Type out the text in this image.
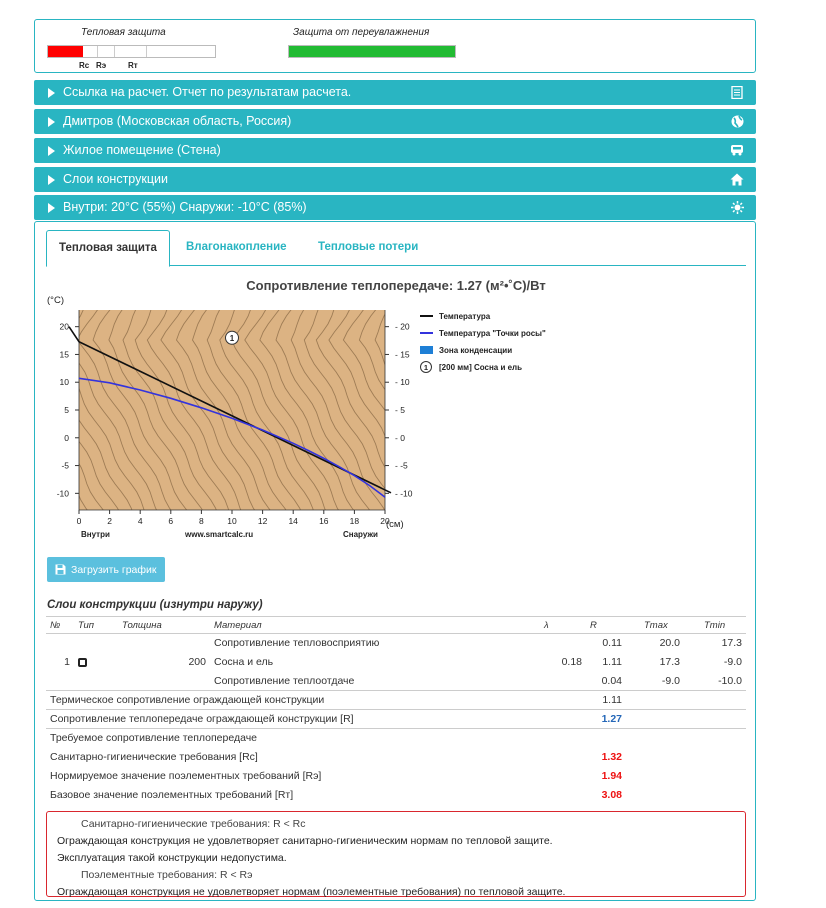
Тепловая защита
Rc Rэ	Rт
Защита от переувлажнения
Ссылка на расчет. Отчет по результатам расчета.
Дмитров (Московская область, Россия)
Жилое помещение (Стена)
Слои конструкции
Внутри: 20°C (55%) Снаружи: -10°C (85%)
Тепловая защита	Влагонакопление	Тепловые потери
Сопротивление теплопередаче: 1.27 (м²•˚С)/Вт
20	- 20
15	- 15
10	- 10
5	- 5
0	- 0
-5	- -5
-10	- -10
0	2	4	6	8	10 12 14 16 18 20
1
Температура
Температура "Точки росы"
Зона конденсации
1 [200 мм] Сосна и ель
(°C)
(см)
Внутри	www.smartcalc.ru	Снаружи
Загрузить график
Слои конструкции (изнутри наружу)
№	Тип	Толщина	Материал	λ	R	Tmax	Tmin
			Сопротивление тепловосприятию		0.11	20.0	17.3
1		200	Сосна и ель	0.18	1.11	17.3	-9.0
			Сопротивление теплоотдаче		0.04	-9.0	-10.0
Термическое сопротивление ограждающей конструкции					1.11		
Сопротивление теплопередаче ограждающей конструкции [R]					1.27		
Требуемое сопротивление теплопередаче							
Санитарно-гигиенические требования [Rc]					1.32		
Нормируемое значение поэлементных требований [Rэ]					1.94		
Базовое значение поэлементных требований [Rт]					3.08		
Санитарно-гигиенические требования: R < Rc
Ограждающая конструкция не удовлетворяет санитарно-гигиеническим нормам по тепловой защите.
Эксплуатация такой конструкции недопустима.
Поэлементные требования: R < Rэ
Ограждающая конструкция не удовлетворяет нормам (поэлементные требования) по тепловой защите.
